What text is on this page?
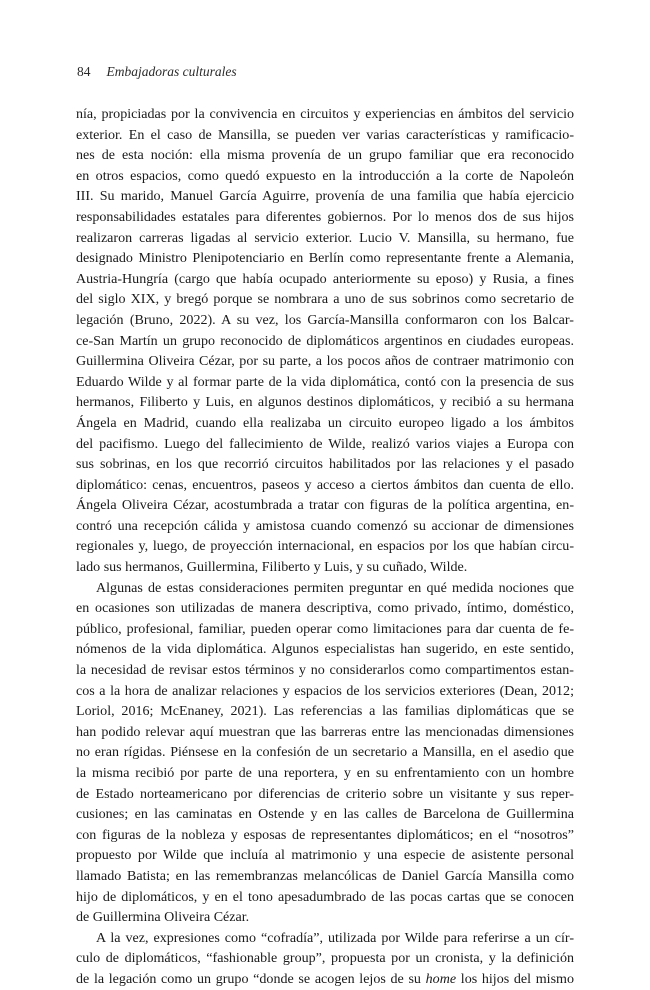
84 Embajadoras culturales
nía, propiciadas por la convivencia en circuitos y experiencias en ámbitos del servicio
exterior. En el caso de Mansilla, se pueden ver varias características y ramificacio-
nes de esta noción: ella misma provenía de un grupo familiar que era reconocido
en otros espacios, como quedó expuesto en la introducción a la corte de Napoleón
III. Su marido, Manuel García Aguirre, provenía de una familia que había ejercicio
responsabilidades estatales para diferentes gobiernos. Por lo menos dos de sus hijos
realizaron carreras ligadas al servicio exterior. Lucio V. Mansilla, su hermano, fue
designado Ministro Plenipotenciario en Berlín como representante frente a Alemania,
Austria-Hungría (cargo que había ocupado anteriormente su eposo) y Rusia, a fines
del siglo XIX, y bregó porque se nombrara a uno de sus sobrinos como secretario de
legación (Bruno, 2022). A su vez, los García-Mansilla conformaron con los Balcar-
ce-San Martín un grupo reconocido de diplomáticos argentinos en ciudades europeas.
Guillermina Oliveira Cézar, por su parte, a los pocos años de contraer matrimonio con
Eduardo Wilde y al formar parte de la vida diplomática, contó con la presencia de sus
hermanos, Filiberto y Luis, en algunos destinos diplomáticos, y recibió a su hermana
Ángela en Madrid, cuando ella realizaba un circuito europeo ligado a los ámbitos
del pacifismo. Luego del fallecimiento de Wilde, realizó varios viajes a Europa con
sus sobrinas, en los que recorrió circuitos habilitados por las relaciones y el pasado
diplomático: cenas, encuentros, paseos y acceso a ciertos ámbitos dan cuenta de ello.
Ángela Oliveira Cézar, acostumbrada a tratar con figuras de la política argentina, en-
contró una recepción cálida y amistosa cuando comenzó su accionar de dimensiones
regionales y, luego, de proyección internacional, en espacios por los que habían circu-
lado sus hermanos, Guillermina, Filiberto y Luis, y su cuñado, Wilde.
Algunas de estas consideraciones permiten preguntar en qué medida nociones que
en ocasiones son utilizadas de manera descriptiva, como privado, íntimo, doméstico,
público, profesional, familiar, pueden operar como limitaciones para dar cuenta de fe-
nómenos de la vida diplomática. Algunos especialistas han sugerido, en este sentido,
la necesidad de revisar estos términos y no considerarlos como compartimentos estan-
cos a la hora de analizar relaciones y espacios de los servicios exteriores (Dean, 2012;
Loriol, 2016; McEnaney, 2021). Las referencias a las familias diplomáticas que se
han podido relevar aquí muestran que las barreras entre las mencionadas dimensiones
no eran rígidas. Piénsese en la confesión de un secretario a Mansilla, en el asedio que
la misma recibió por parte de una reportera, y en su enfrentamiento con un hombre
de Estado norteamericano por diferencias de criterio sobre un visitante y sus reper-
cusiones; en las caminatas en Ostende y en las calles de Barcelona de Guillermina
con figuras de la nobleza y esposas de representantes diplomáticos; en el “nosotros”
propuesto por Wilde que incluía al matrimonio y una especie de asistente personal
llamado Batista; en las remembranzas melancólicas de Daniel García Mansilla como
hijo de diplomáticos, y en el tono apesadumbrado de las pocas cartas que se conocen
de Guillermina Oliveira Cézar.
A la vez, expresiones como “cofradía”, utilizada por Wilde para referirse a un cír-
culo de diplomáticos, “fashionable group”, propuesta por un cronista, y la definición
de la legación como un grupo “donde se acogen lejos de su home los hijos del mismo
